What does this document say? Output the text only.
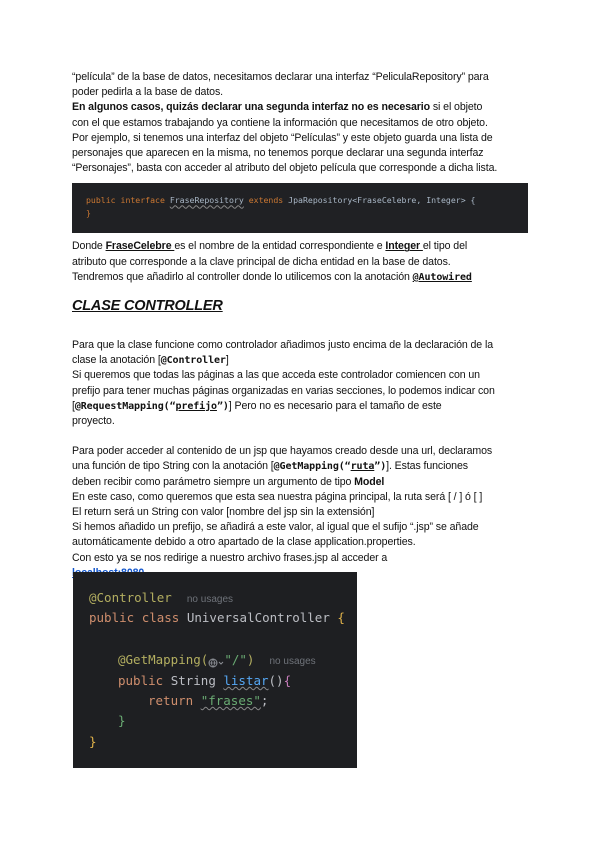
“película” de la base de datos, necesitamos declarar una interfaz “PeliculaRepository” para

poder pedirla a la base de datos.

En algunos casos, quizás declarar una segunda interfaz no es necesario si el objeto

con el que estamos trabajando ya contiene la información que necesitamos de otro objeto.

Por ejemplo, si tenemos una interfaz del objeto “Películas” y este objeto guarda una lista de

personajes que aparecen en la misma, no tenemos porque declarar una segunda interfaz

“Personajes”, basta con acceder al atributo del objeto película que corresponde a dicha lista.

public interface FraseRepository extends JpaRepository<FraseCelebre, Integer> {
}

Donde FraseCelebre es el nombre de la entidad correspondiente e Integer el tipo del

atributo que corresponde a la clave principal de dicha entidad en la base de datos.

Tendremos que añadirlo al controller donde lo utilicemos con la anotación @Autowired

CLASE CONTROLLER

Para que la clase funcione como controlador añadimos justo encima de la declaración de la

clase la anotación [@Controller]

Si queremos que todas las páginas a las que acceda este controlador comiencen con un

prefijo para tener muchas páginas organizadas en varias secciones, lo podemos indicar con

[@RequestMapping(“prefijo”)] Pero no es necesario para el tamaño de este

proyecto.

Para poder acceder al contenido de un jsp que hayamos creado desde una url, declaramos

una función de tipo String con la anotación [@GetMapping(“ruta”)]. Estas funciones

deben recibir como parámetro siempre un argumento de tipo Model

En este caso, como queremos que esta sea nuestra página principal, la ruta será [ / ] ó [ ]

El return será un String con valor [nombre del jsp sin la extensión]

Si hemos añadido un prefijo, se añadirá a este valor, al igual que el sufijo “.jsp” se añade

automáticamente debido a otro apartado de la clase application.properties.

Con esto ya se nos redirige a nuestro archivo frases.jsp al acceder a

@Controller no usages
public class UniversalController {
@GetMapping( "/") no usages
public String listar(){
return "frases";
}
}
